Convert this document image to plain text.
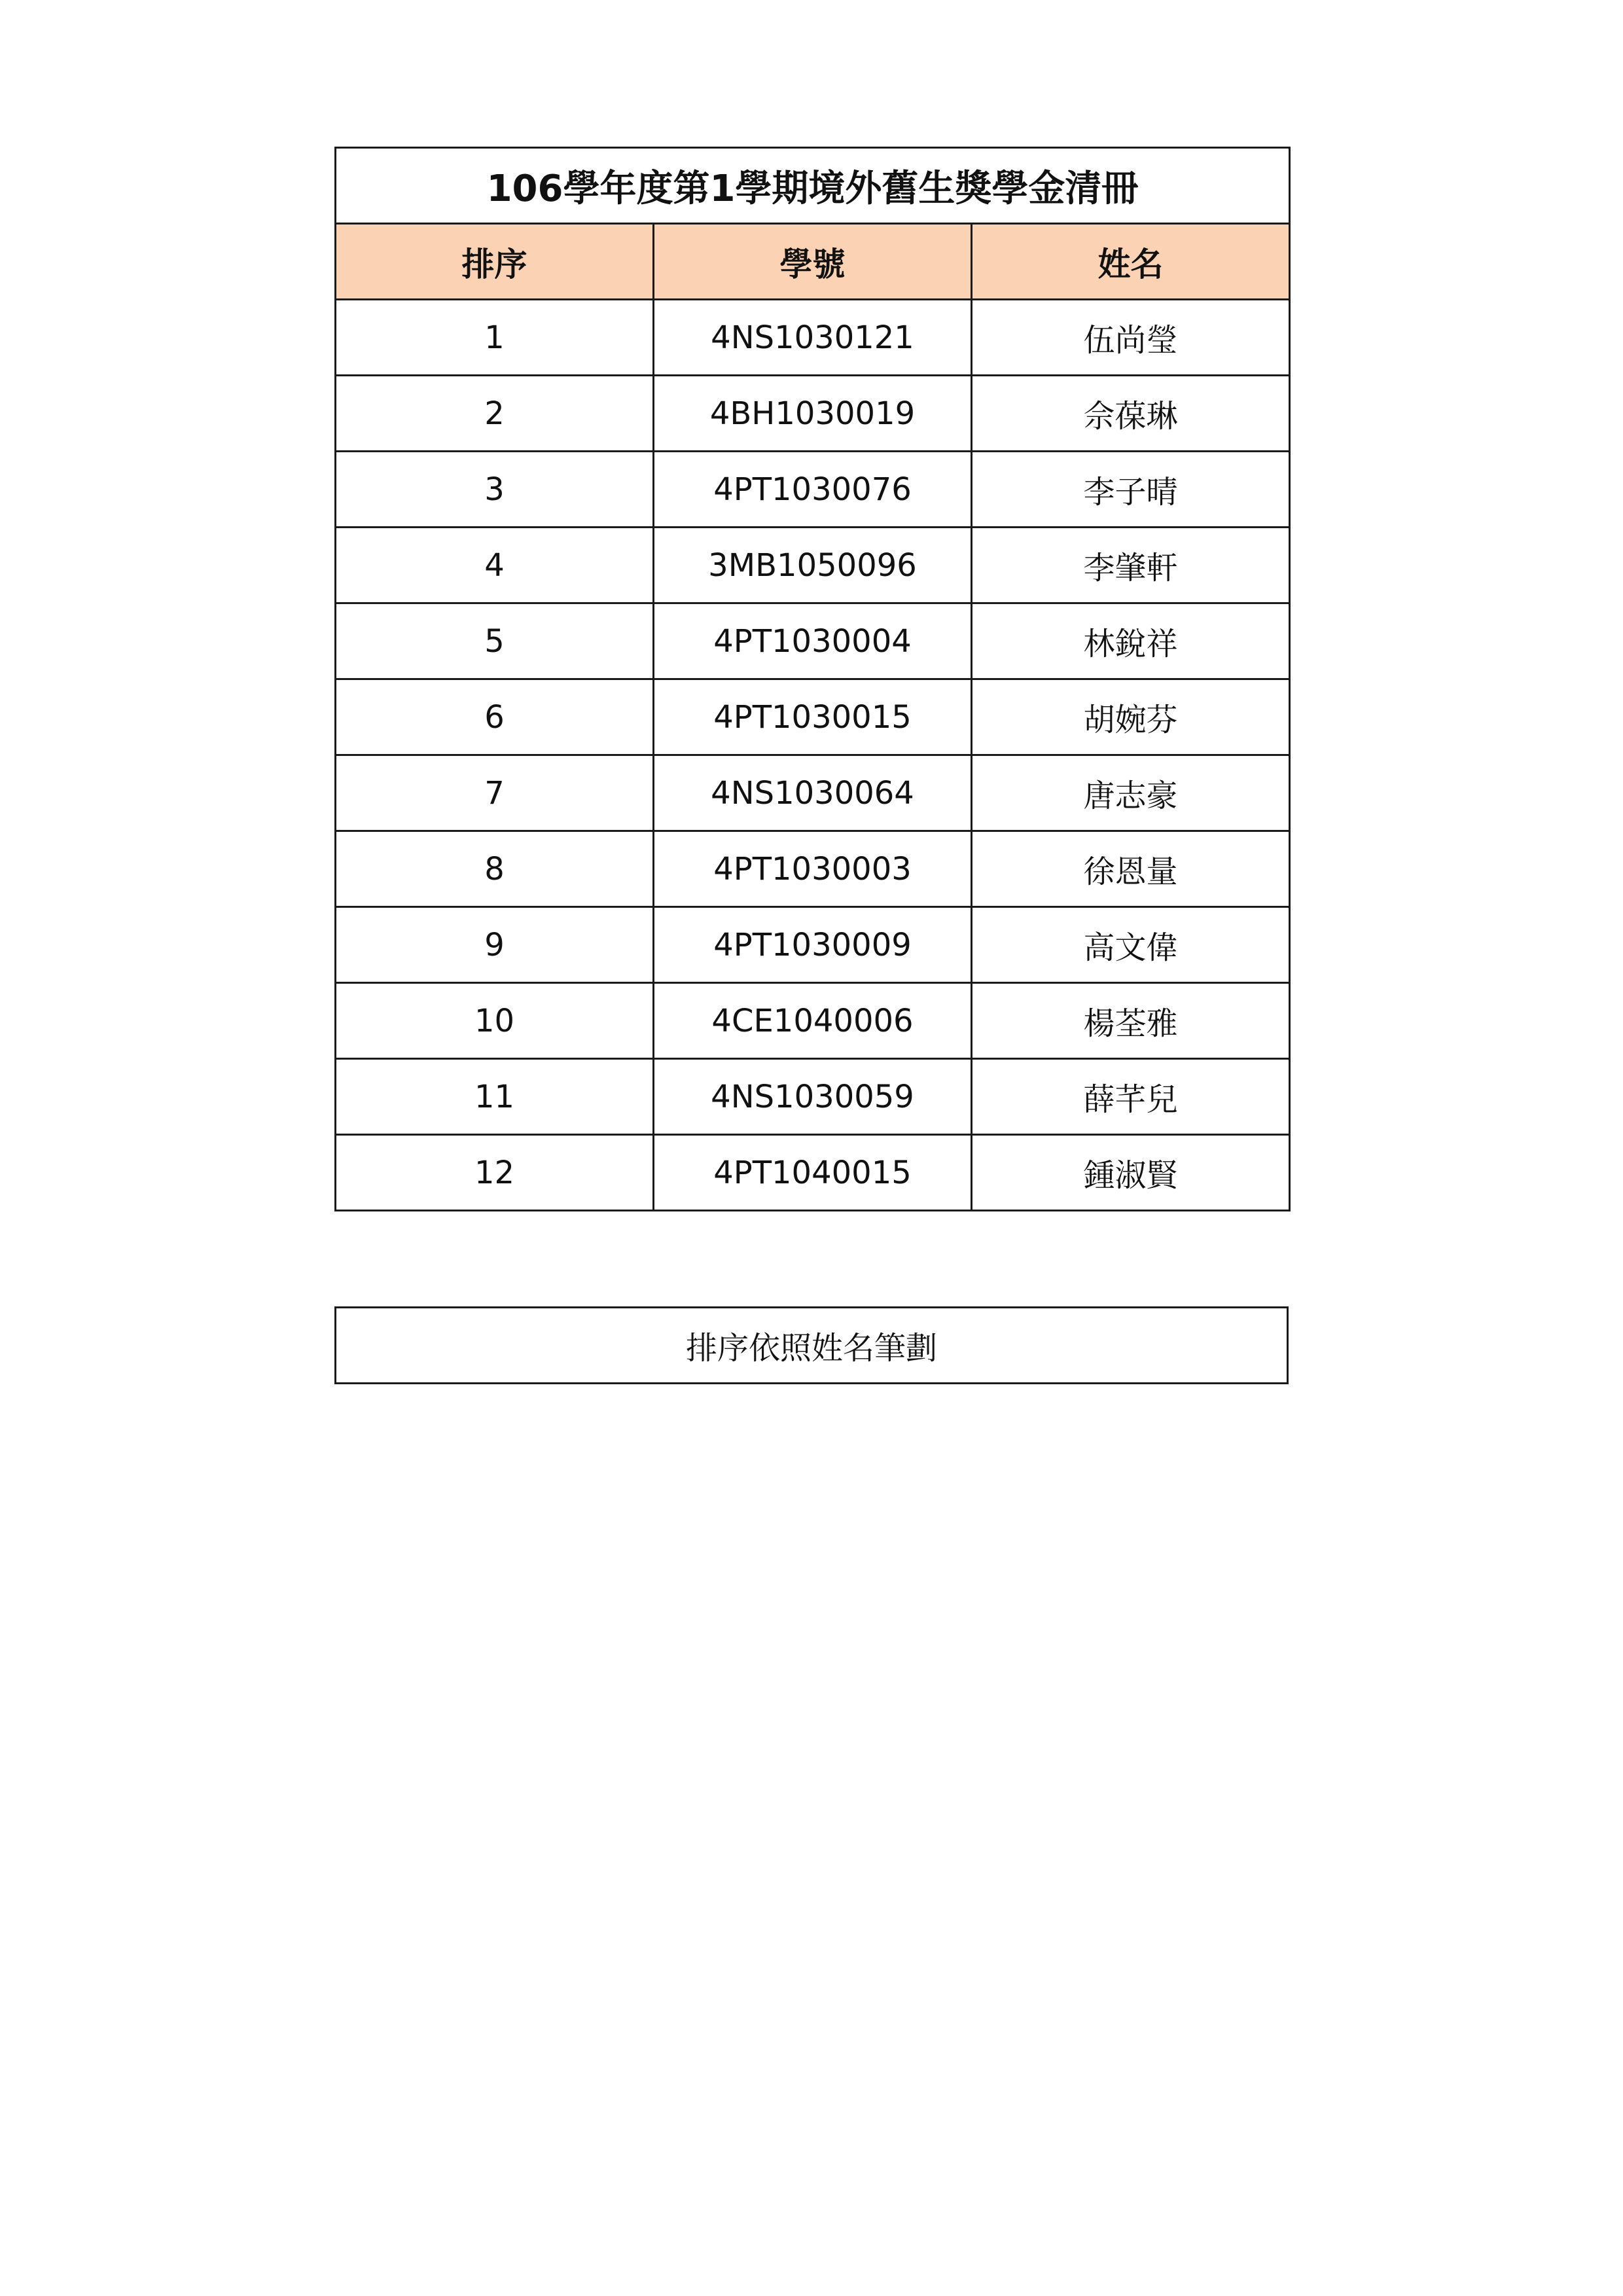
106學年度第1學期境外舊生獎學金清冊		
排序	學號	姓名
1	4NS1030121	伍尚瑩
2	4BH1030019	佘葆琳
3	4PT1030076	李子晴
4	3MB1050096	李肇軒
5	4PT1030004	林銳祥
6	4PT1030015	胡婉芬
7	4NS1030064	唐志豪
8	4PT1030003	徐恩量
9	4PT1030009	高文偉
10	4CE1040006	楊荃雅
11	4NS1030059	薛芊兒
12	4PT1040015	鍾淑賢
排序依照姓名筆劃
